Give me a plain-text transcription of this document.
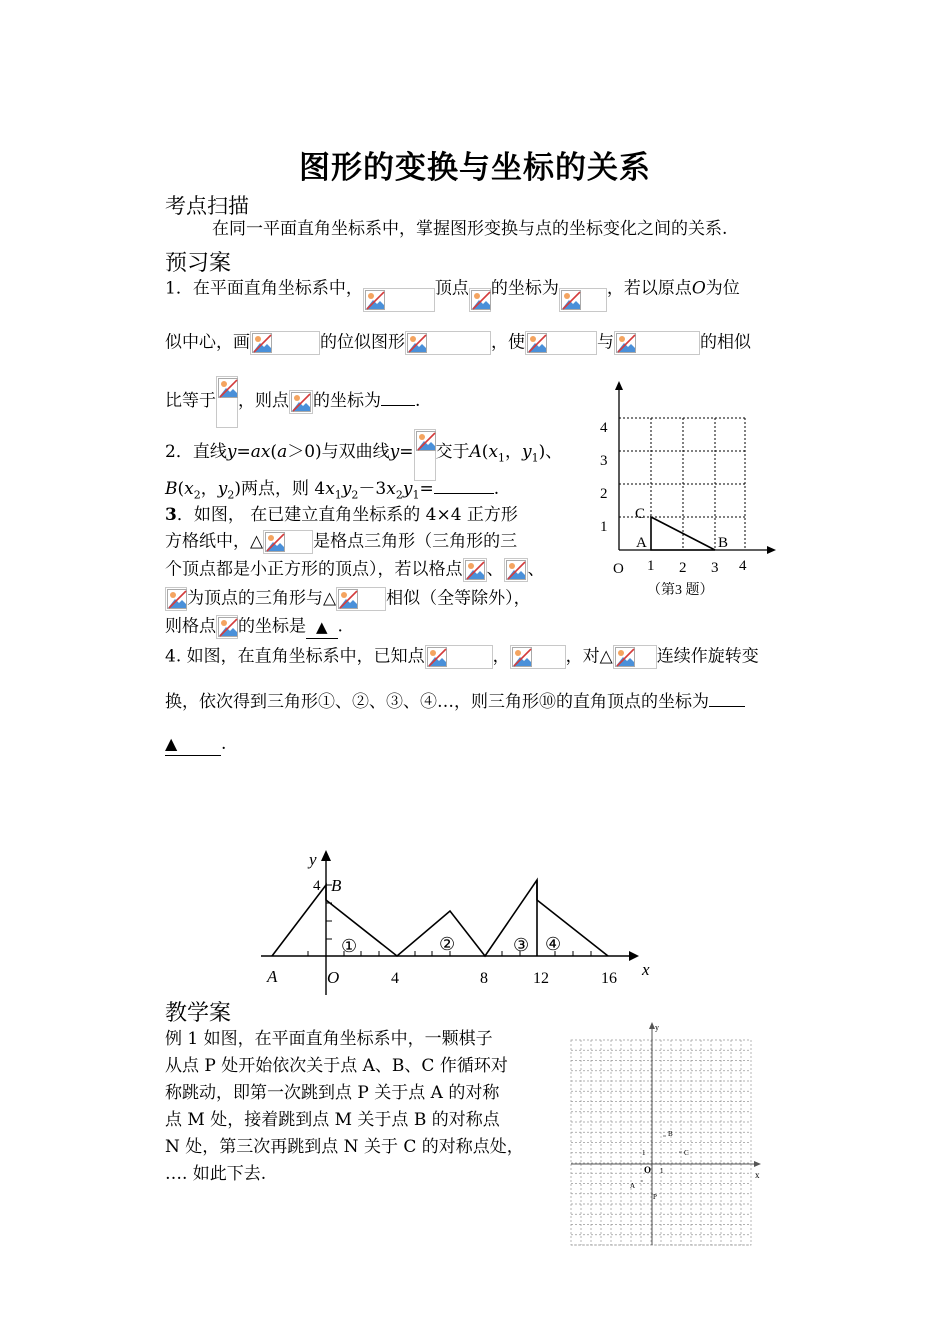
图形的变换与坐标的关系
考点扫描
在同一平面直角坐标系中，掌握图形变换与点的坐标变化之间的关系.
预习案
1．在平面直角坐标系中，	顶点 的坐标为	，若以原点O为位
似中心，画	的位似图形	，使	与	的相似
比等于 ，则点 的坐标为 .
2．直线y=ax(a＞0)与双曲线y= 交于$A(x_1$，$y_1$)、
$B(x_2$，$y_2$)两点，则 $4x_1y_2-3x_2y_1=$	.
3．如图， 在已建立直角坐标系的 4×4 正方形
方格纸中，△	是格点三角形（三角形的三
个顶点都是小正方形的顶点），若以格点 、 、
为顶点的三角形与△	相似（全等除外），
则格点 的坐标是 ▲ .
4
3
2
1
O 1 2 3 4
C
A	B
（第3 题）
4. 如图，在直角坐标系中，已知点	，	，对△	连续作旋转变
换，依次得到三角形①、②、③、④…，则三角形⑩的直角顶点的坐标为
▲	.
y
4 B
A	O	x
4	8	12	16
①	②	③ ④
教学案
例 1 如图，在平面直角坐标系中，一颗棋子
从点 P 处开始依次关于点 A、B、C 作循环对
称跳动，即第一次跳到点 P 关于点 A 的对称
点 M 处，接着跳到点 M 关于点 B 的对称点
N 处，第三次再跳到点 N 关于 C 的对称点处，
…. 如此下去.
y
x
O 1
1
A
B
C
P
